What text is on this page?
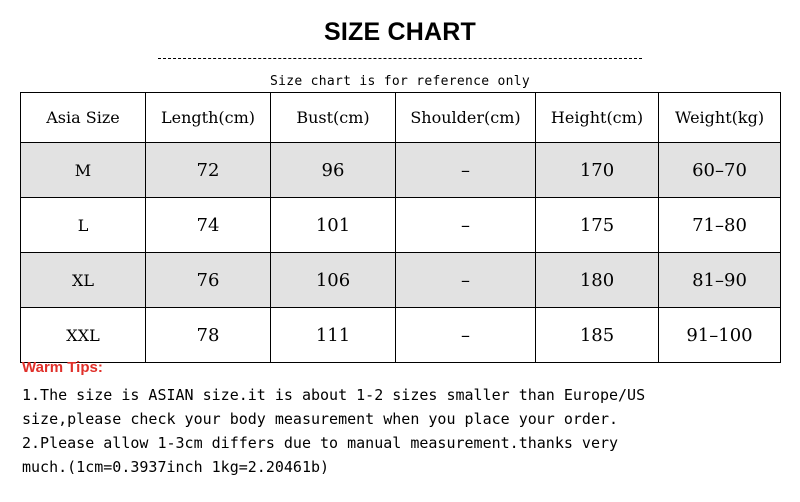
SIZE CHART
Size chart is for reference only
Asia Size	Length(cm)	Bust(cm)	Shoulder(cm)	Height(cm)	Weight(kg)
M	72	96	–	170	60–70
L	74	101	–	175	71–80
XL	76	106	–	180	81–90
XXL	78	111	–	185	91–100
Warm Tips:
1.The size is ASIAN size.it is about 1-2 sizes smaller than Europe/US
size,please check your body measurement when you place your order.
2.Please allow 1-3cm differs due to manual measurement.thanks very
much.(1cm=0.3937inch 1kg=2.20461b)
